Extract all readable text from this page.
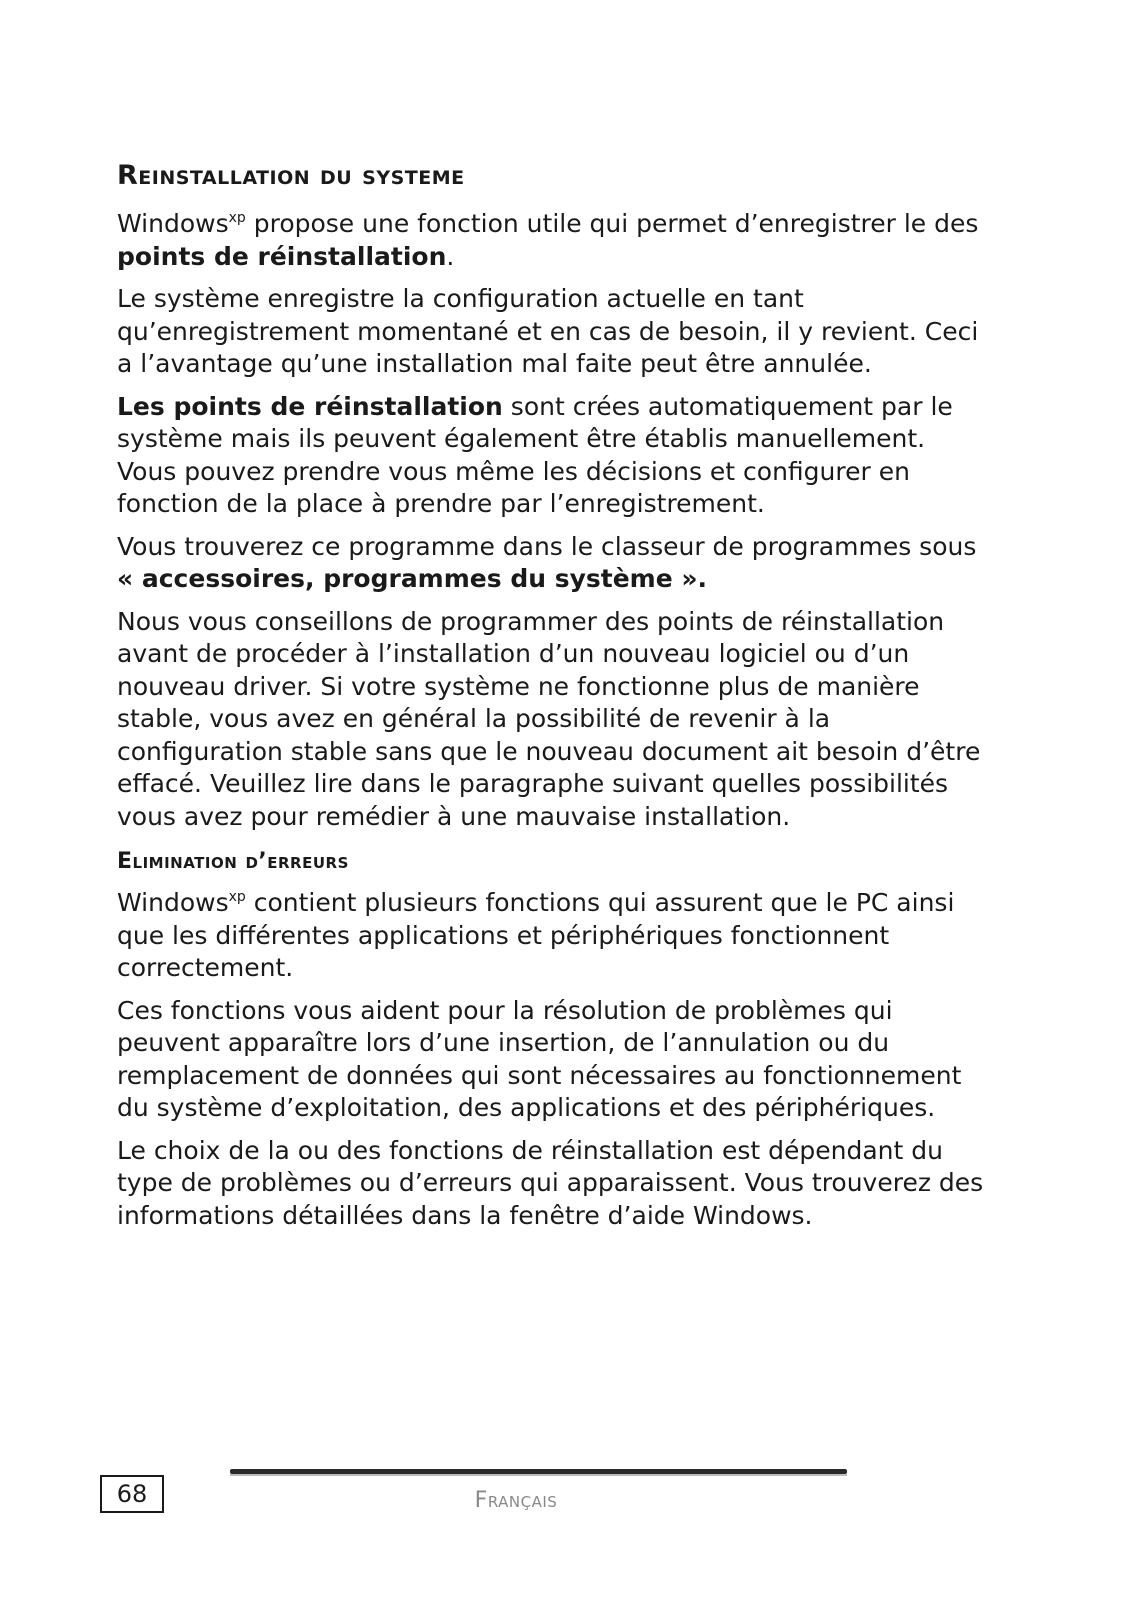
Reinstallation du systeme

Windows$^{xp}$ propose une fonction utile qui permet d’enregistrer le des points de réinstallation.

Le système enregistre la configuration actuelle en tant qu’enregistrement momentané et en cas de besoin, il y revient. Ceci a l’avantage qu’une installation mal faite peut être annulée.

Les points de réinstallation sont crées automatiquement par le système mais ils peuvent également être établis manuellement. Vous pouvez prendre vous même les décisions et configurer en fonction de la place à prendre par l’enregistrement.

Vous trouverez ce programme dans le classeur de programmes sous « accessoires, programmes du système ».

Nous vous conseillons de programmer des points de réinstallation avant de procéder à l’installation d’un nouveau logiciel ou d’un nouveau driver. Si votre système ne fonctionne plus de manière stable, vous avez en général la possibilité de revenir à la configuration stable sans que le nouveau document ait besoin d’être effacé. Veuillez lire dans le paragraphe suivant quelles possibilités vous avez pour remédier à une mauvaise installation.

Elimination d’erreurs

Windows$^{xp}$ contient plusieurs fonctions qui assurent que le PC ainsi que les différentes applications et périphériques fonctionnent correctement.

Ces fonctions vous aident pour la résolution de problèmes qui peuvent apparaître lors d’une insertion, de l’annulation ou du remplacement de données qui sont nécessaires au fonctionnement du système d’exploitation, des applications et des périphériques.

Le choix de la ou des fonctions de réinstallation est dépendant du type de problèmes ou d’erreurs qui apparaissent. Vous trouverez des informations détaillées dans la fenêtre d’aide Windows.

68	Français
